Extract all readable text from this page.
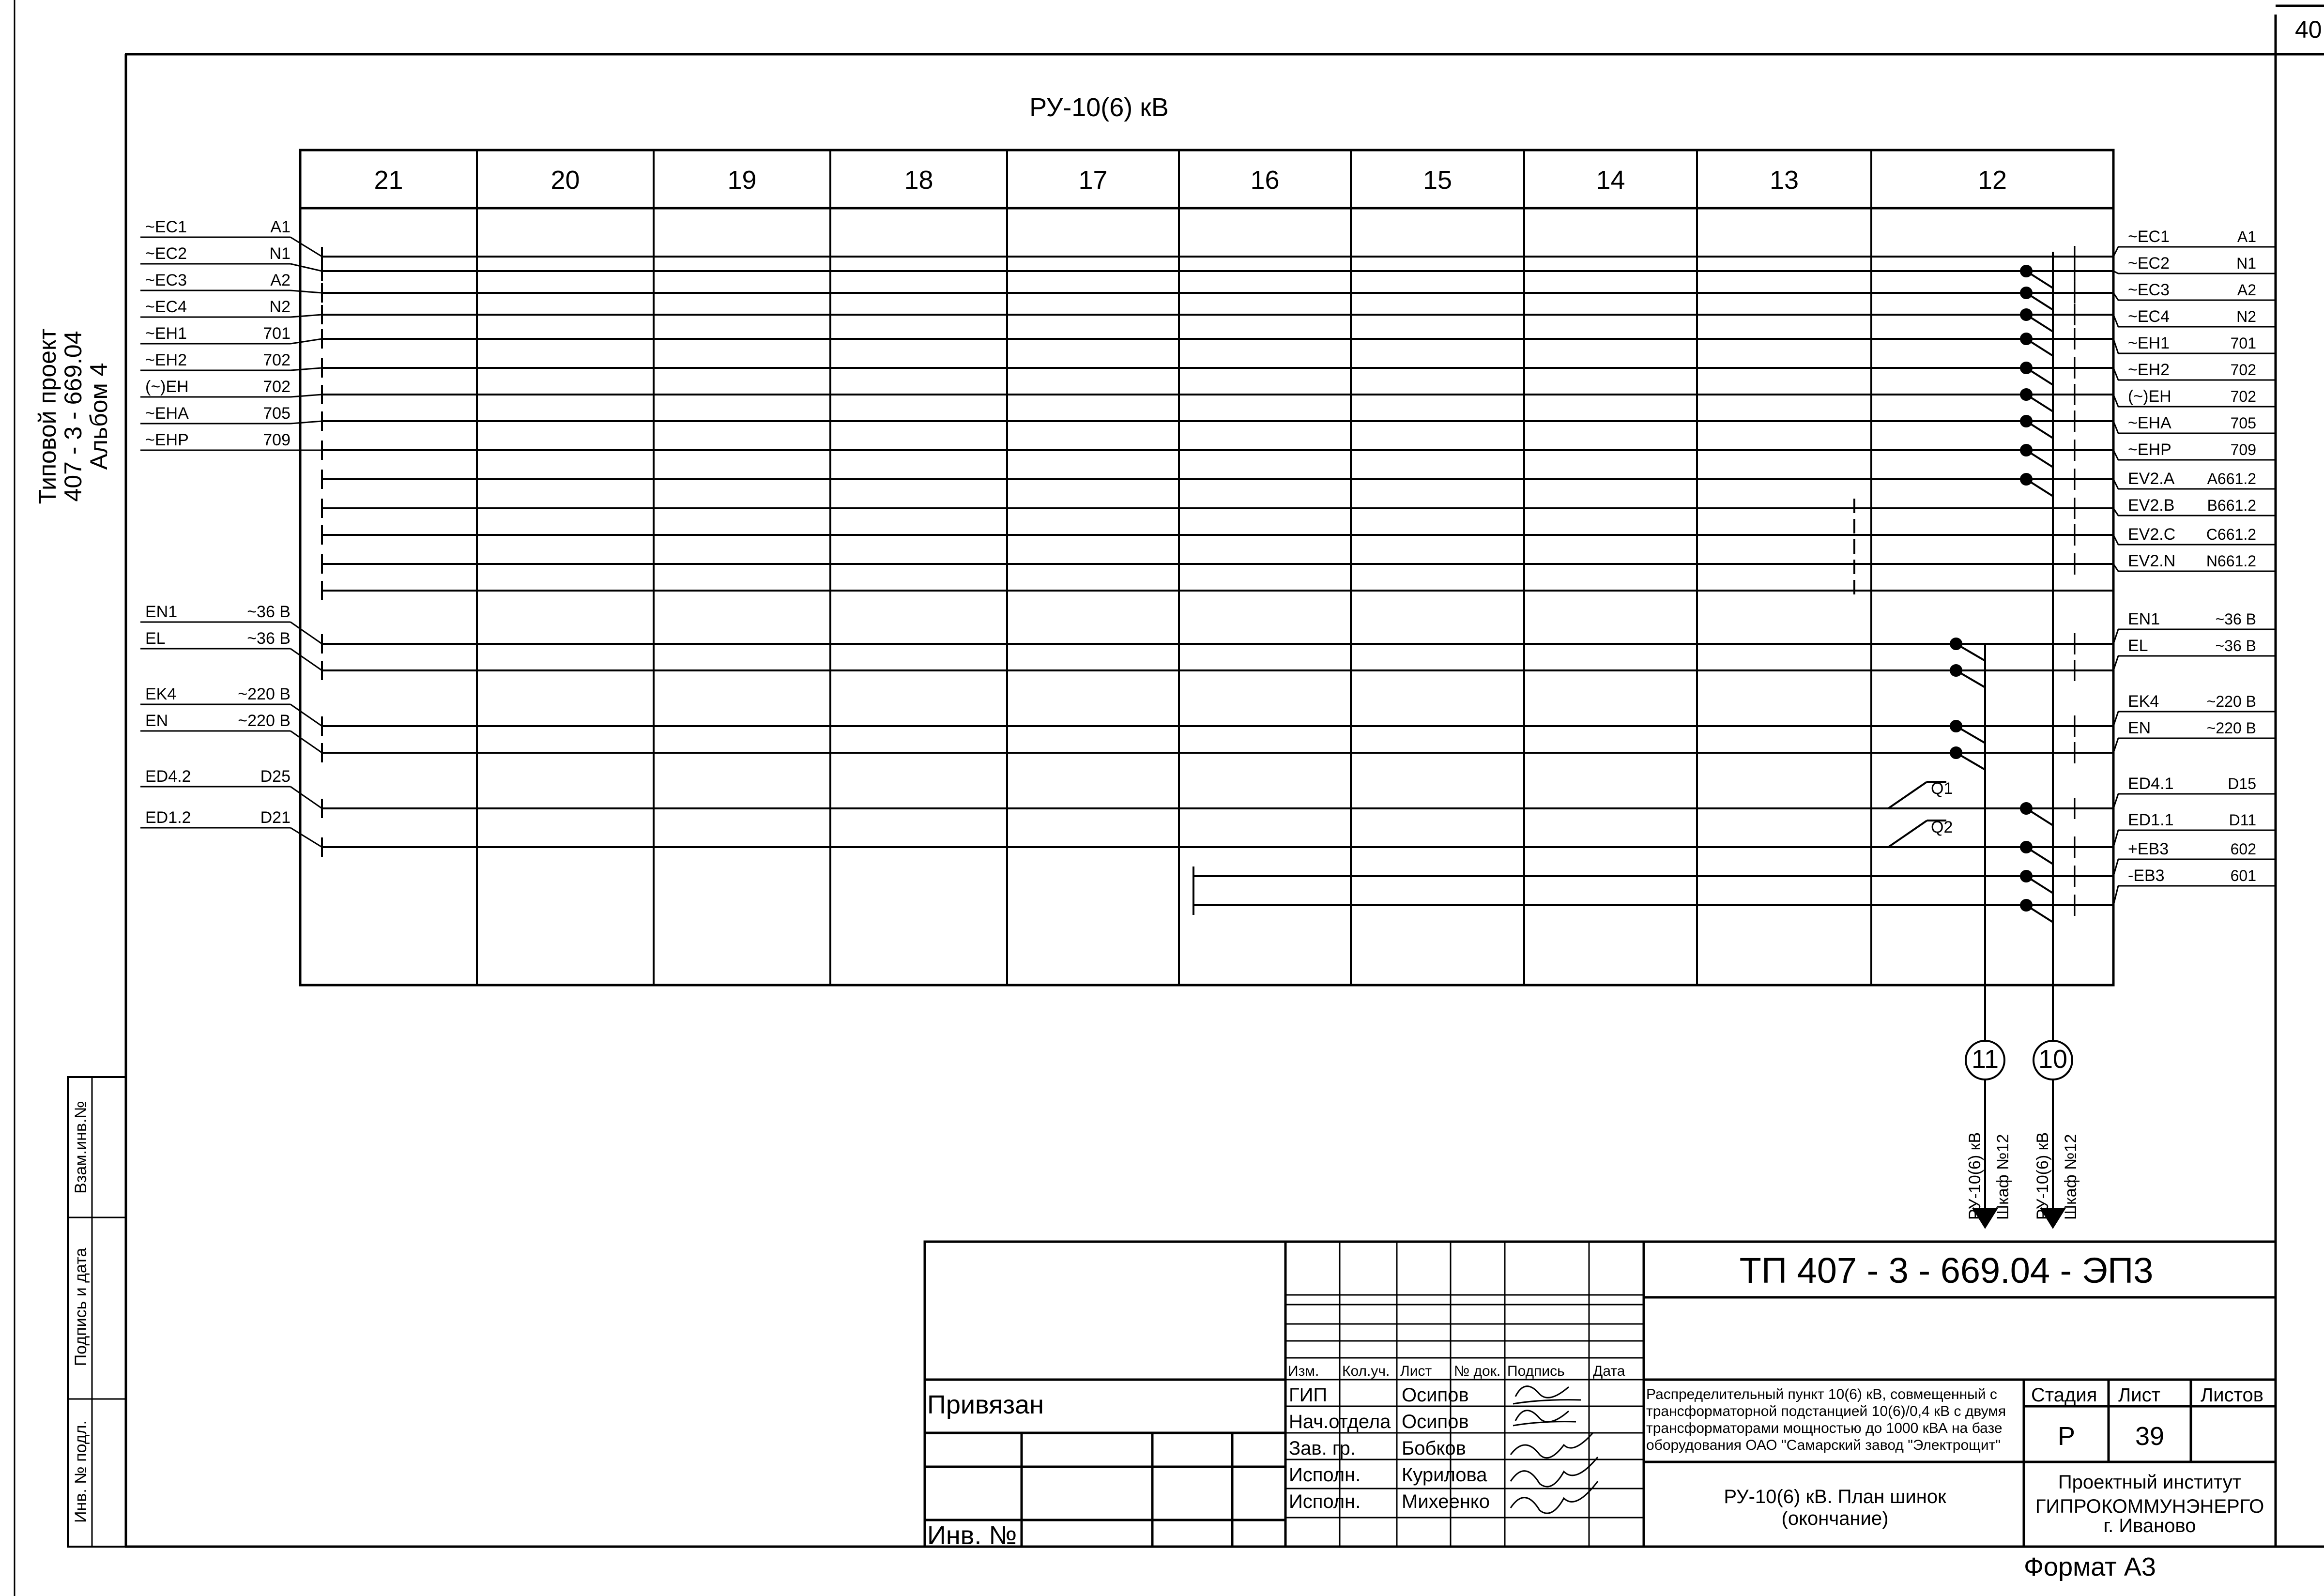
40
Типовой проект
407 - 3 - 669.04
Альбом 4
Взам.инв.№
Подпись и дата
Инв. № подл.
РУ-10(6) кВ
21	20	19	18	17	16	15	14	13	12
~ЕС1	А1
~ЕС2	N1
~ЕС3	А2
~ЕС4	N2
~ЕН1	701
~ЕН2	702
(~)ЕН	702
~ЕНА	705
~ЕНР	709
EN1	~36 В
EL	~36 В
EK4	~220 В
EN	~220 В
ED4.2	D25
ED1.2	D21
~ЕС1	А1
~ЕС2	N1
~ЕС3	А2
~ЕС4	N2
~ЕН1	701
~ЕН2	702
(~)ЕН	702
~ЕНА	705
~ЕНР	709
EV2.A A661.2
EV2.B B661.2
EV2.C C661.2
EV2.N N661.2
EN1	~36 В
EL	~36 В
EK4	~220 В
EN	~220 В
ED4.1	D15
ED1.1	D11
+EB3	602
-EB3	601
Q1
Q2
11 10
РУ-10(6) кВ Шкаф №12 РУ-10(6) кВ Шкаф №12
ТП 407 - 3 - 669.04 - ЭП3
Изм. Кол.уч. Лист № док. Подпись Дата
ГИП	Осипов
Нач.отдела Осипов
Зав. гр. Бобков
Исполн. Курилова
Исполн. Михеенко
Распределительный пункт 10(6) кВ, совмещенный с
трансформаторной подстанцией 10(6)/0,4 кВ с двумя
трансформаторами мощностью до 1000 кВА на базе
оборудования ОАО "Самарский завод "Электрощит"
РУ-10(6) кВ. План шинок
(окончание)
Стадия Лист Листов
Р 39
Проектный институт
ГИПРОКОММУНЭНЕРГО
г. Иваново
Привязан
Инв. №
Формат А3
